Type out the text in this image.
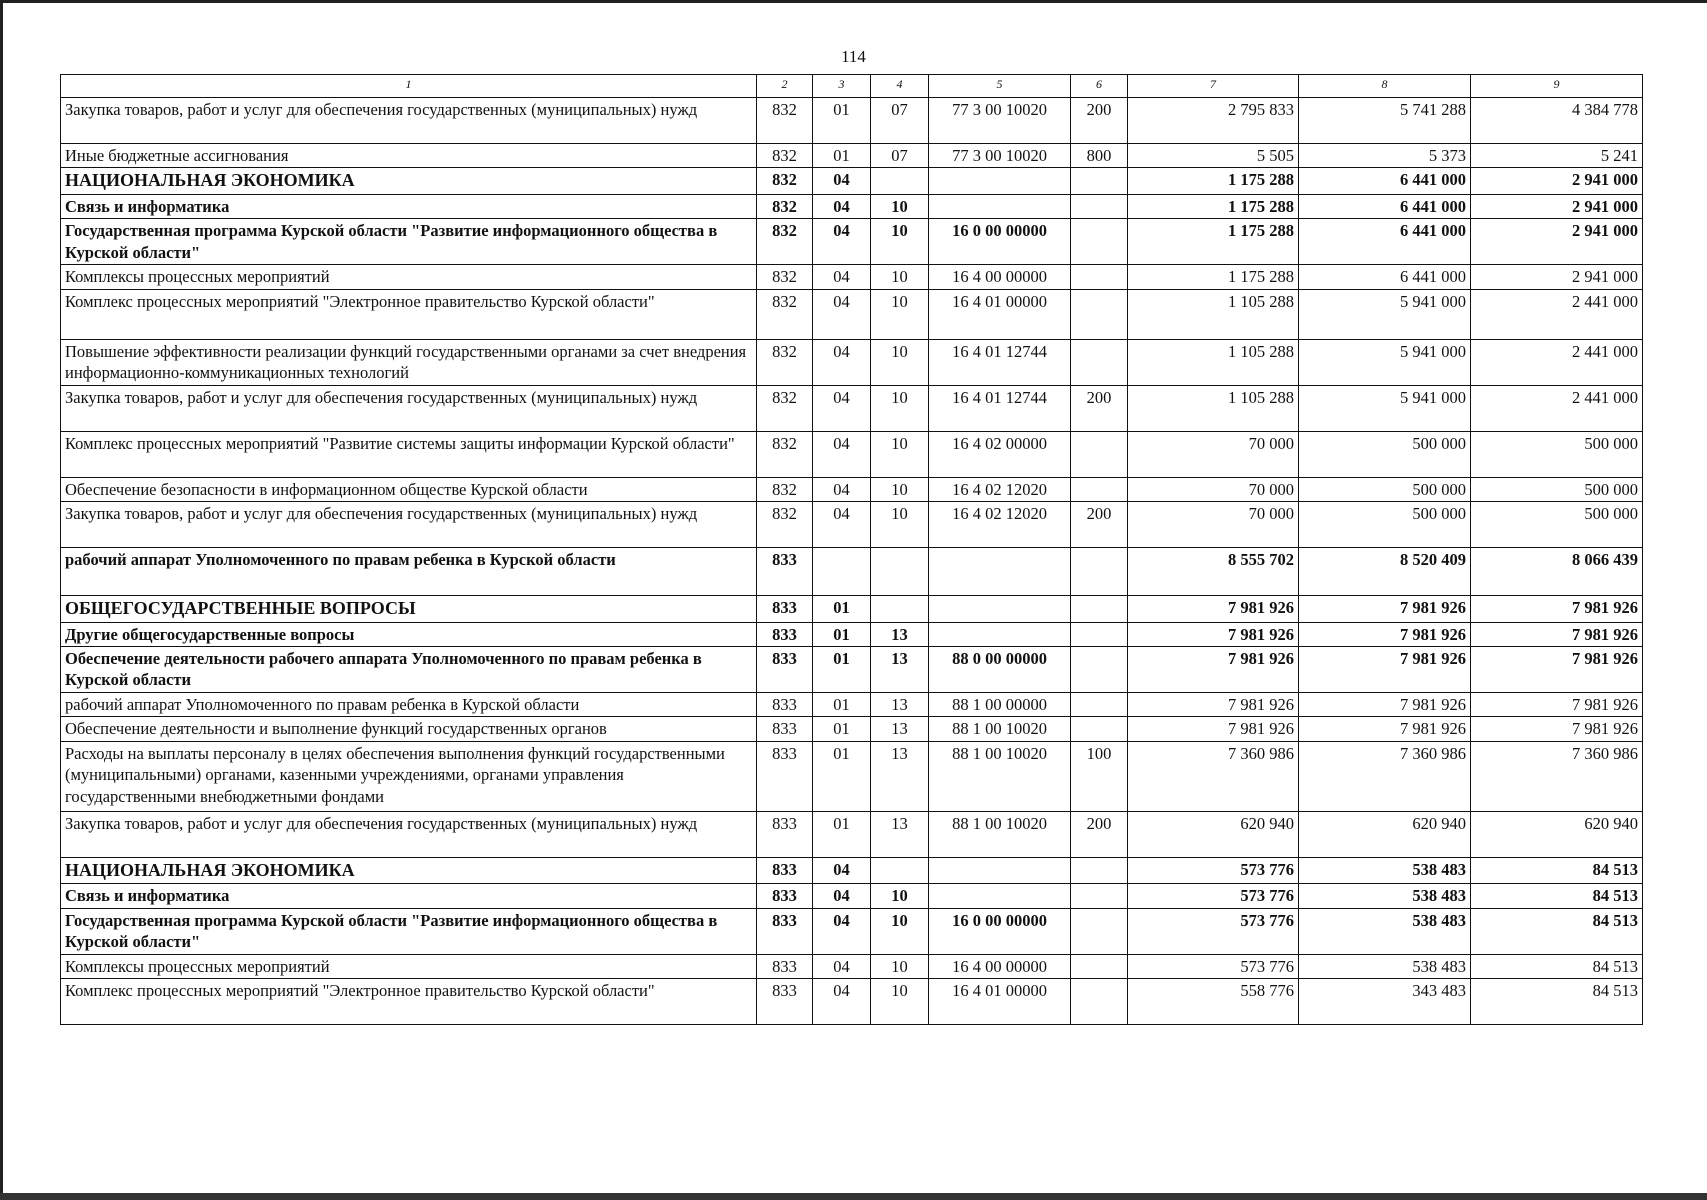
114
1	2	3	4	5	6	7	8	9
Закупка товаров, работ и услуг для обеспечения государственных (муниципальных) нужд	832	01	07	77 3 00 10020	200	2 795 833	5 741 288	4 384 778
Иные бюджетные ассигнования	832	01	07	77 3 00 10020	800	5 505	5 373	5 241
НАЦИОНАЛЬНАЯ ЭКОНОМИКА	832	04				1 175 288	6 441 000	2 941 000
Связь и информатика	832	04	10			1 175 288	6 441 000	2 941 000
Государственная программа Курской области "Развитие информационного общества в Курской области"	832	04	10	16 0 00 00000		1 175 288	6 441 000	2 941 000
Комплексы процессных мероприятий	832	04	10	16 4 00 00000		1 175 288	6 441 000	2 941 000
Комплекс процессных мероприятий "Электронное правительство Курской области"	832	04	10	16 4 01 00000		1 105 288	5 941 000	2 441 000
Повышение эффективности реализации функций государственными органами за счет внедрения информационно-коммуникационных технологий	832	04	10	16 4 01 12744		1 105 288	5 941 000	2 441 000
Закупка товаров, работ и услуг для обеспечения государственных (муниципальных) нужд	832	04	10	16 4 01 12744	200	1 105 288	5 941 000	2 441 000
Комплекс процессных мероприятий "Развитие системы защиты информации Курской области"	832	04	10	16 4 02 00000		70 000	500 000	500 000
Обеспечение безопасности в информационном обществе Курской области	832	04	10	16 4 02 12020		70 000	500 000	500 000
Закупка товаров, работ и услуг для обеспечения государственных (муниципальных) нужд	832	04	10	16 4 02 12020	200	70 000	500 000	500 000
рабочий аппарат Уполномоченного по правам ребенка в Курской области	833					8 555 702	8 520 409	8 066 439
ОБЩЕГОСУДАРСТВЕННЫЕ ВОПРОСЫ	833	01				7 981 926	7 981 926	7 981 926
Другие общегосударственные вопросы	833	01	13			7 981 926	7 981 926	7 981 926
Обеспечение деятельности рабочего аппарата Уполномоченного по правам ребенка в Курской области	833	01	13	88 0 00 00000		7 981 926	7 981 926	7 981 926
рабочий аппарат Уполномоченного по правам ребенка в Курской области	833	01	13	88 1 00 00000		7 981 926	7 981 926	7 981 926
Обеспечение деятельности и выполнение функций государственных органов	833	01	13	88 1 00 10020		7 981 926	7 981 926	7 981 926
Расходы на выплаты персоналу в целях обеспечения выполнения функций государственными (муниципальными) органами, казенными учреждениями, органами управления государственными внебюджетными фондами	833	01	13	88 1 00 10020	100	7 360 986	7 360 986	7 360 986
Закупка товаров, работ и услуг для обеспечения государственных (муниципальных) нужд	833	01	13	88 1 00 10020	200	620 940	620 940	620 940
НАЦИОНАЛЬНАЯ ЭКОНОМИКА	833	04				573 776	538 483	84 513
Связь и информатика	833	04	10			573 776	538 483	84 513
Государственная программа Курской области "Развитие информационного общества в Курской области"	833	04	10	16 0 00 00000		573 776	538 483	84 513
Комплексы процессных мероприятий	833	04	10	16 4 00 00000		573 776	538 483	84 513
Комплекс процессных мероприятий "Электронное правительство Курской области"	833	04	10	16 4 01 00000		558 776	343 483	84 513
